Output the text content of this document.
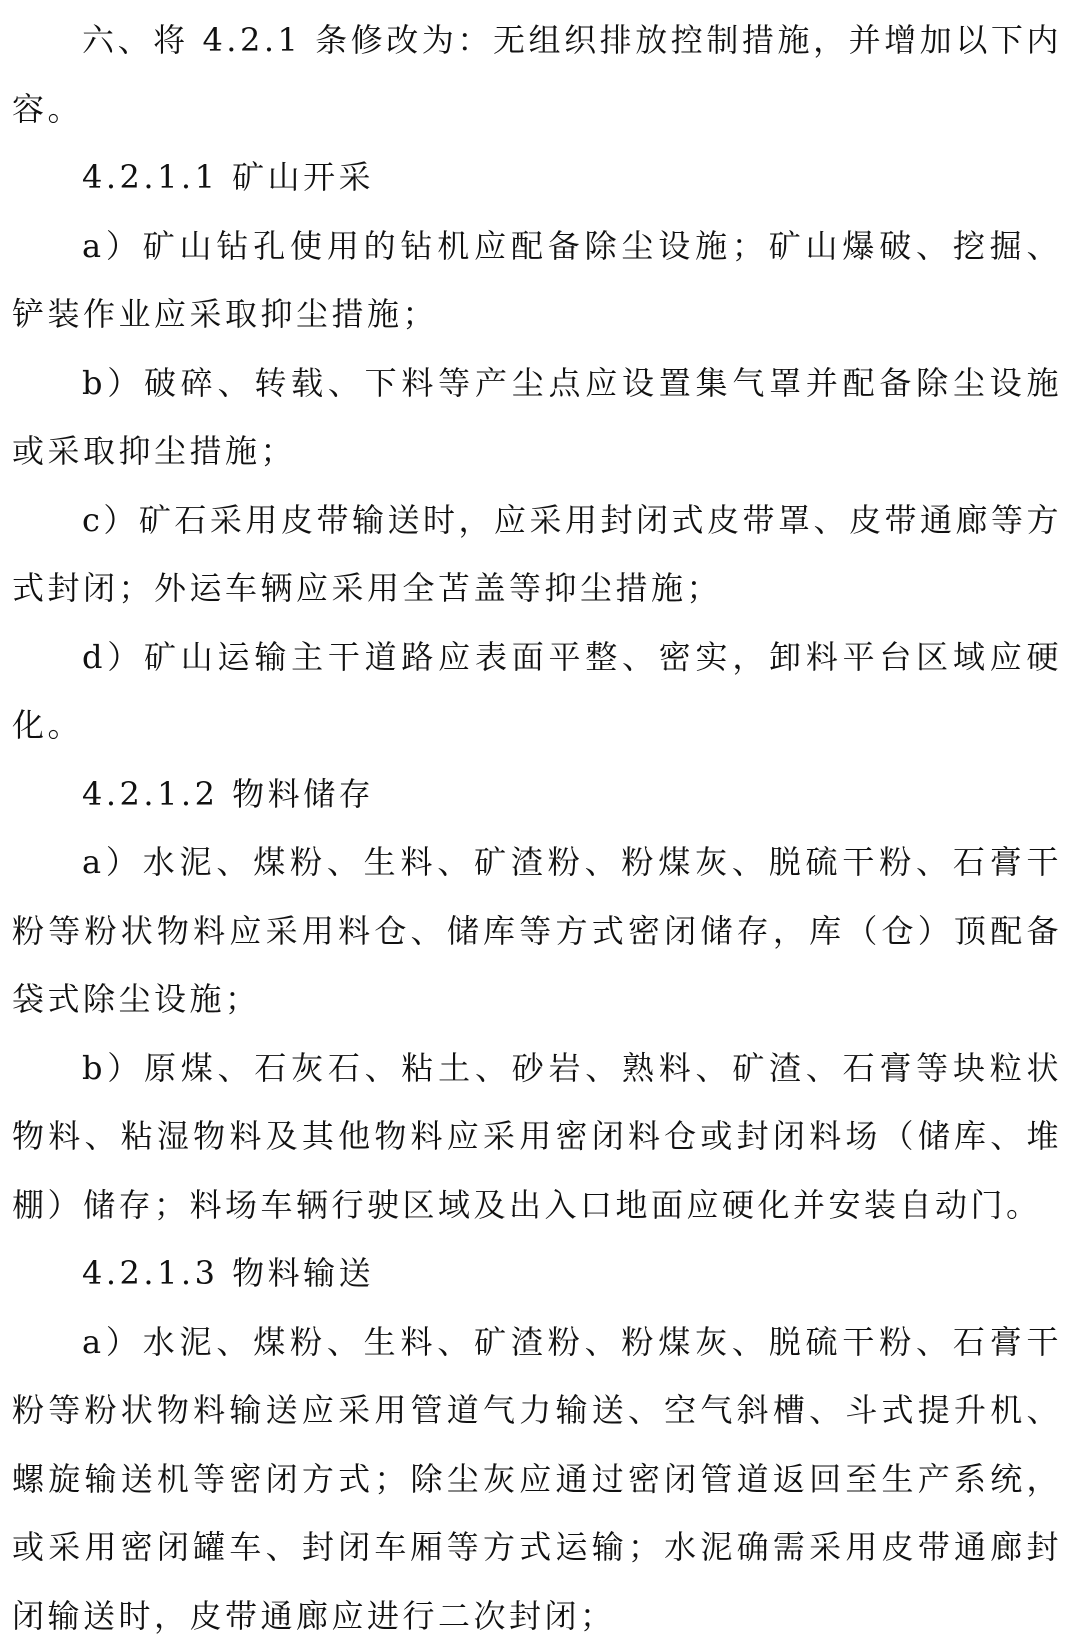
六、将 4.2.1 条修改为：无组织排放控制措施，并增加以下内容。

4.2.1.1 矿山开采

a）矿山钻孔使用的钻机应配备除尘设施；矿山爆破、挖掘、铲装作业应采取抑尘措施；

b）破碎、转载、下料等产尘点应设置集气罩并配备除尘设施或采取抑尘措施；

c）矿石采用皮带输送时，应采用封闭式皮带罩、皮带通廊等方式封闭；外运车辆应采用全苫盖等抑尘措施；

d）矿山运输主干道路应表面平整、密实，卸料平台区域应硬化。

4.2.1.2 物料储存

a）水泥、煤粉、生料、矿渣粉、粉煤灰、脱硫干粉、石膏干粉等粉状物料应采用料仓、储库等方式密闭储存，库（仓）顶配备袋式除尘设施；

b）原煤、石灰石、粘土、砂岩、熟料、矿渣、石膏等块粒状物料、粘湿物料及其他物料应采用密闭料仓或封闭料场（储库、堆棚）储存；料场车辆行驶区域及出入口地面应硬化并安装自动门。

4.2.1.3 物料输送

a）水泥、煤粉、生料、矿渣粉、粉煤灰、脱硫干粉、石膏干粉等粉状物料输送应采用管道气力输送、空气斜槽、斗式提升机、螺旋输送机等密闭方式；除尘灰应通过密闭管道返回至生产系统，或采用密闭罐车、封闭车厢等方式运输；水泥确需采用皮带通廊封闭输送时，皮带通廊应进行二次封闭；
